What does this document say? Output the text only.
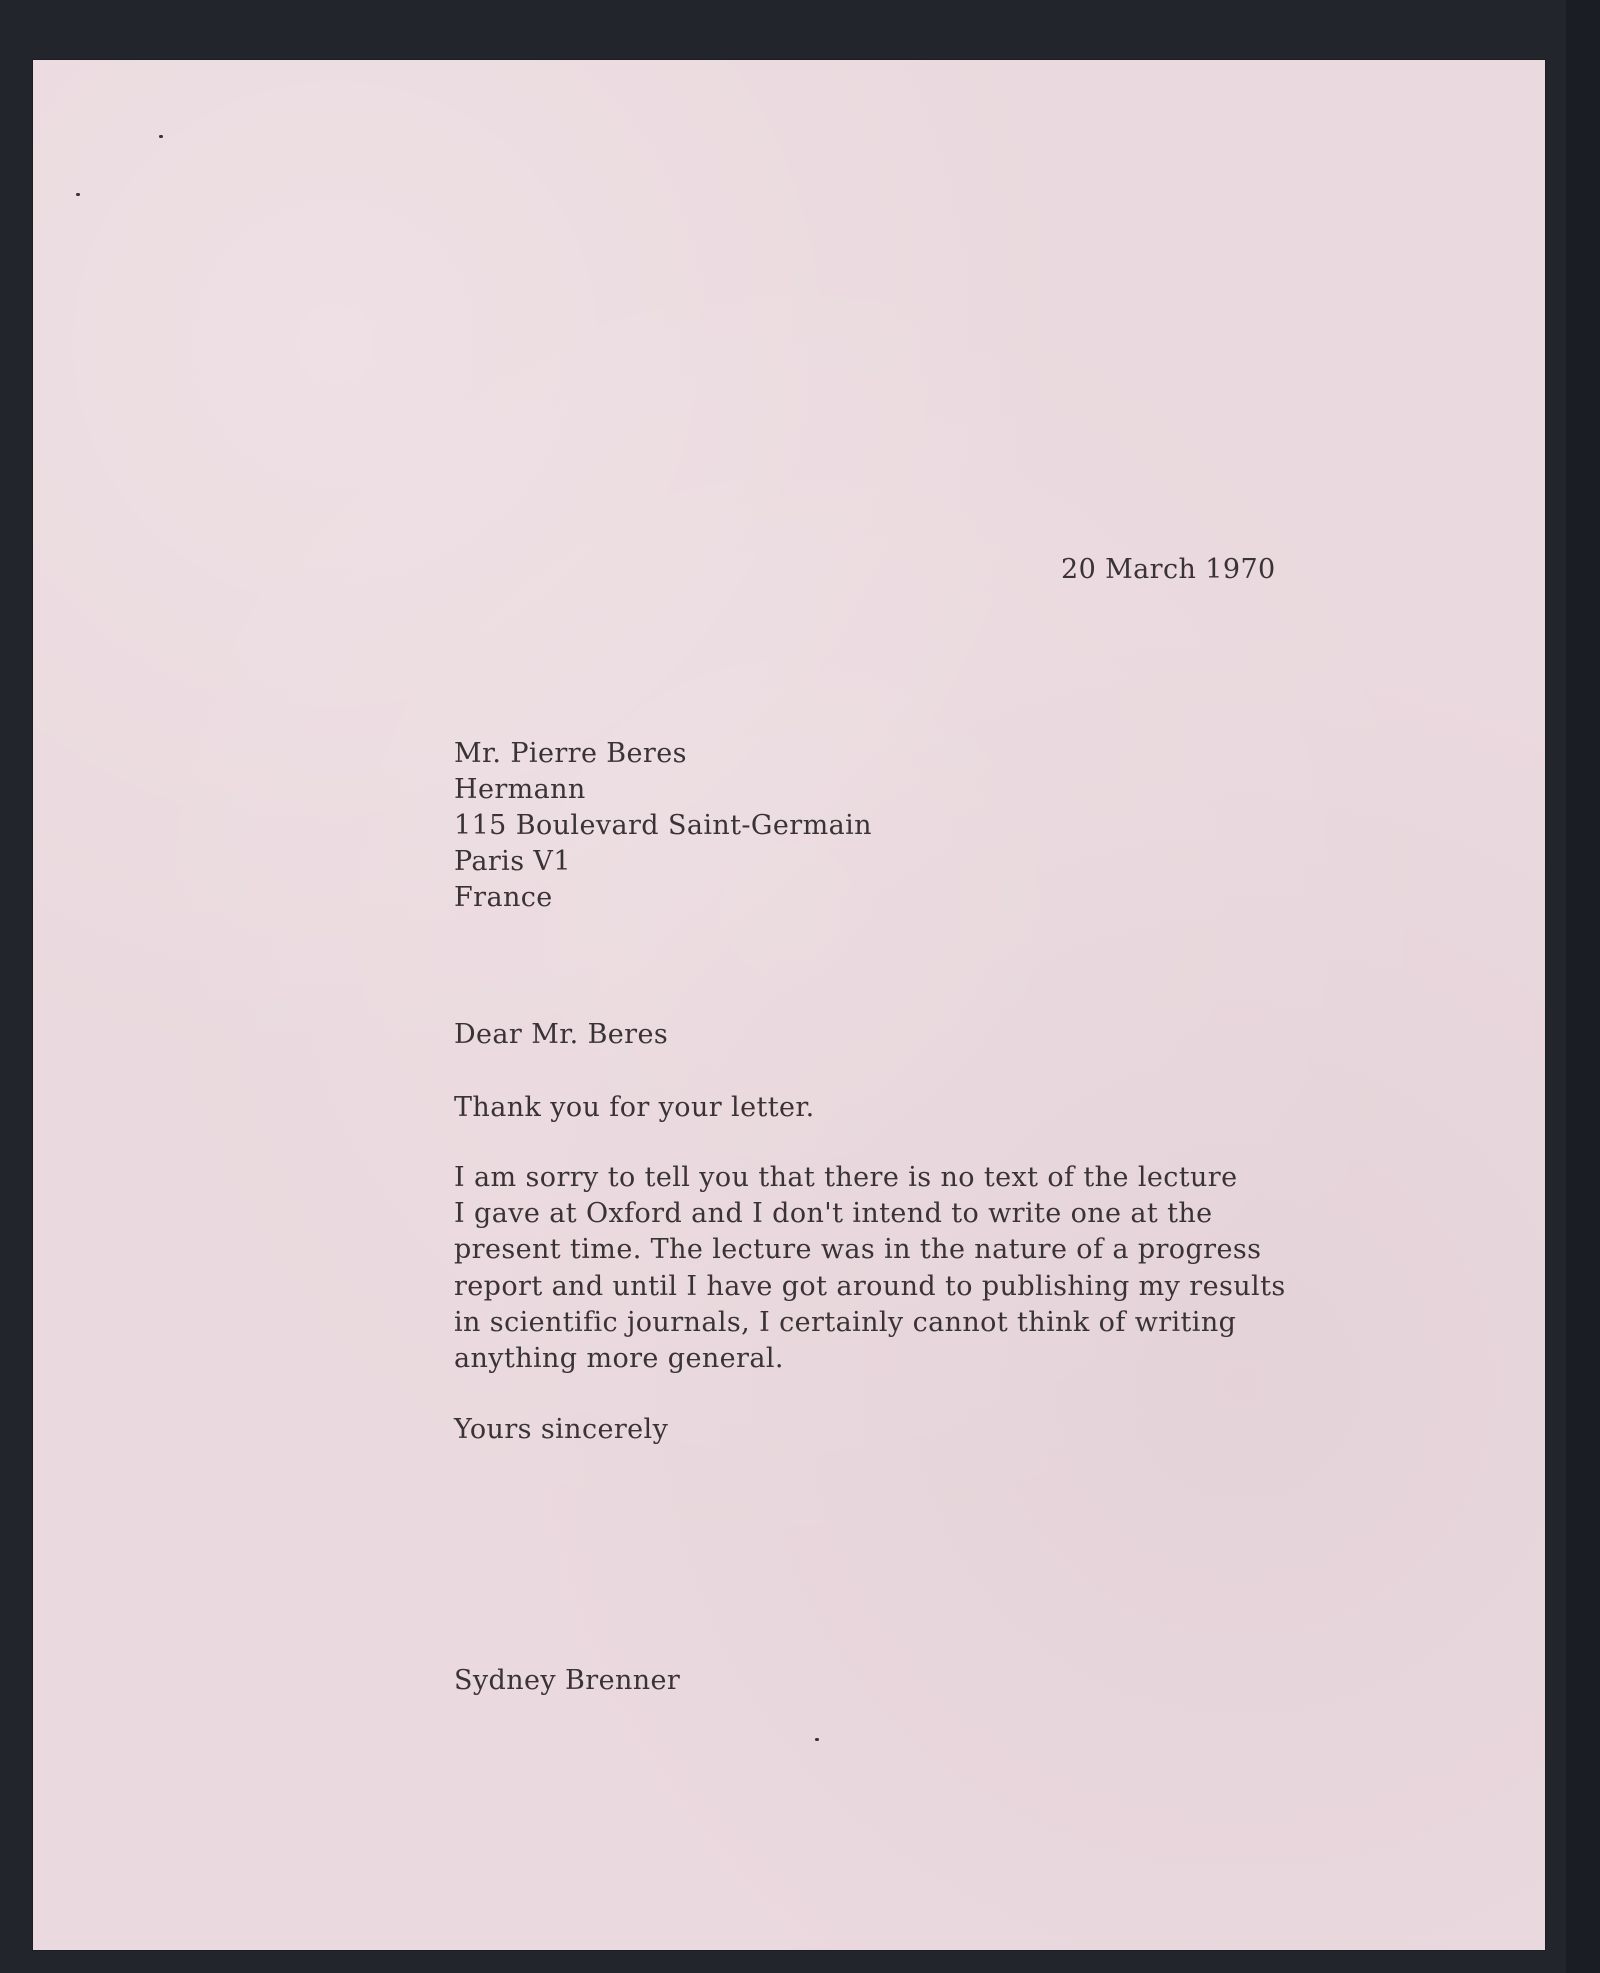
20 March 1970
Mr. Pierre Beres
Hermann
115 Boulevard Saint-Germain
Paris V1
France
Dear Mr. Beres
Thank you for your letter.
I am sorry to tell you that there is no text of the lecture
I gave at Oxford and I don't intend to write one at the
present time. The lecture was in the nature of a progress
report and until I have got around to publishing my results
in scientific journals, I certainly cannot think of writing
anything more general.
Yours sincerely
Sydney Brenner
